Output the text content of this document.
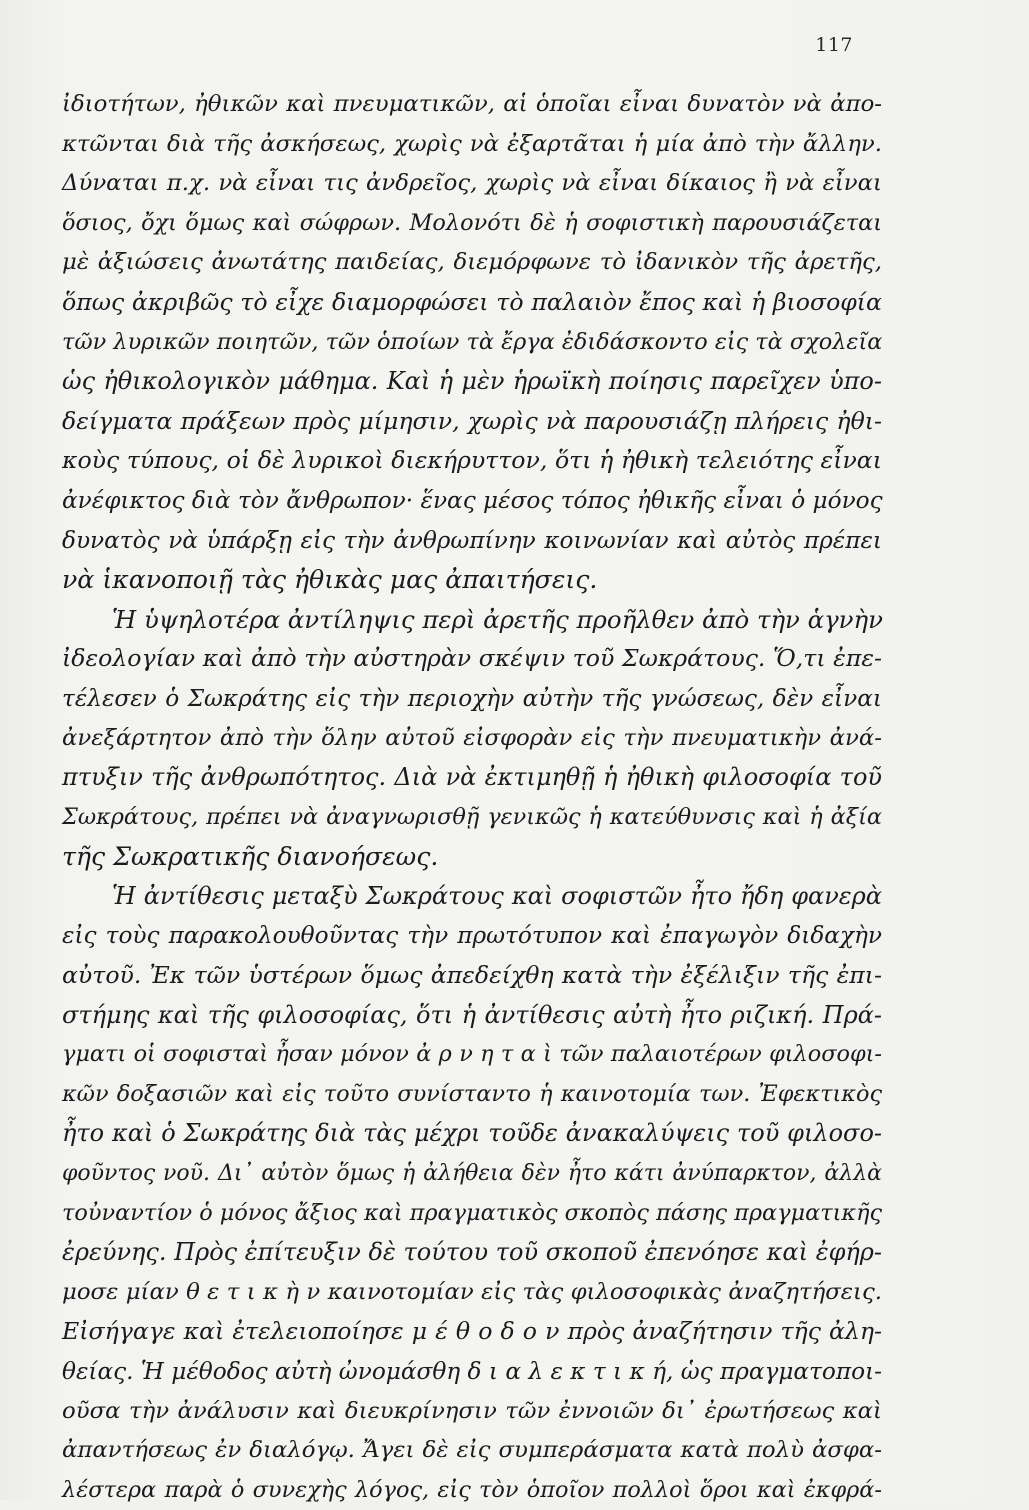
117
ἰδιοτήτων, ἠθικῶν καὶ πνευματικῶν, αἱ ὁποῖαι εἶναι δυνατὸν νὰ ἀπο-
κτῶνται διὰ τῆς ἀσκήσεως, χωρὶς νὰ ἐξαρτᾶται ἡ μία ἀπὸ τὴν ἄλλην.
Δύναται π.χ. νὰ εἶναι τις ἀνδρεῖος, χωρὶς νὰ εἶναι δίκαιος ἢ νὰ εἶναι
ὅσιος, ὄχι ὅμως καὶ σώφρων. Μολονότι δὲ ἡ σοφιστικὴ παρουσιάζεται
μὲ ἀξιώσεις ἀνωτάτης παιδείας, διεμόρφωνε τὸ ἰδανικὸν τῆς ἀρετῆς,
ὅπως ἀκριβῶς τὸ εἶχε διαμορφώσει τὸ παλαιὸν ἔπος καὶ ἡ βιοσοφία
τῶν λυρικῶν ποιητῶν, τῶν ὁποίων τὰ ἔργα ἐδιδάσκοντο εἰς τὰ σχολεῖα
ὡς ἠθικολογικὸν μάθημα. Καὶ ἡ μὲν ἡρωϊκὴ ποίησις παρεῖχεν ὑπο-
δείγματα πράξεων πρὸς μίμησιν, χωρὶς νὰ παρουσιάζῃ πλήρεις ἠθι-
κοὺς τύπους, οἱ δὲ λυρικοὶ διεκήρυττον, ὅτι ἡ ἠθικὴ τελειότης εἶναι
ἀνέφικτος διὰ τὸν ἄνθρωπον· ἕνας μέσος τόπος ἠθικῆς εἶναι ὁ μόνος
δυνατὸς νὰ ὑπάρξῃ εἰς τὴν ἀνθρωπίνην κοινωνίαν καὶ αὐτὸς πρέπει
νὰ ἱκανοποιῇ τὰς ἠθικὰς μας ἀπαιτήσεις.
Ἡ ὑψηλοτέρα ἀντίληψις περὶ ἀρετῆς προῆλθεν ἀπὸ τὴν ἁγνὴν
ἰδεολογίαν καὶ ἀπὸ τὴν αὐστηρὰν σκέψιν τοῦ Σωκράτους. Ὅ,τι ἐπε-
τέλεσεν ὁ Σωκράτης εἰς τὴν περιοχὴν αὐτὴν τῆς γνώσεως, δὲν εἶναι
ἀνεξάρτητον ἀπὸ τὴν ὅλην αὐτοῦ εἰσφορὰν εἰς τὴν πνευματικὴν ἀνά-
πτυξιν τῆς ἀνθρωπότητος. Διὰ νὰ ἐκτιμηθῇ ἡ ἠθικὴ φιλοσοφία τοῦ
Σωκράτους, πρέπει νὰ ἀναγνωρισθῇ γενικῶς ἡ κατεύθυνσις καὶ ἡ ἀξία
τῆς Σωκρατικῆς διανοήσεως.
Ἡ ἀντίθεσις μεταξὺ Σωκράτους καὶ σοφιστῶν ἦτο ἤδη φανερὰ
εἰς τοὺς παρακολουθοῦντας τὴν πρωτότυπον καὶ ἐπαγωγὸν διδαχὴν
αὐτοῦ. Ἐκ τῶν ὑστέρων ὅμως ἀπεδείχθη κατὰ τὴν ἐξέλιξιν τῆς ἐπι-
στήμης καὶ τῆς φιλοσοφίας, ὅτι ἡ ἀντίθεσις αὐτὴ ἦτο ριζική. Πρά-
γματι οἱ σοφισταὶ ἦσαν μόνον ἀ ρ ν η τ α ὶ τῶν παλαιοτέρων φιλοσοφι-
κῶν δοξασιῶν καὶ εἰς τοῦτο συνίσταντο ἡ καινοτομία των. Ἐφεκτικὸς
ἦτο καὶ ὁ Σωκράτης διὰ τὰς μέχρι τοῦδε ἀνακαλύψεις τοῦ φιλοσο-
φοῦντος νοῦ. Δι᾽ αὐτὸν ὅμως ἡ ἀλήθεια δὲν ἦτο κάτι ἀνύπαρκτον, ἀλλὰ
τοὐναντίον ὁ μόνος ἄξιος καὶ πραγματικὸς σκοπὸς πάσης πραγματικῆς
ἐρεύνης. Πρὸς ἐπίτευξιν δὲ τούτου τοῦ σκοποῦ ἐπενόησε καὶ ἐφήρ-
μοσε μίαν θ ε τ ι κ ὴ ν καινοτομίαν εἰς τὰς φιλοσοφικὰς ἀναζητήσεις.
Εἰσήγαγε καὶ ἐτελειοποίησε μ έ θ ο δ ο ν πρὸς ἀναζήτησιν τῆς ἀλη-
θείας. Ἡ μέθοδος αὐτὴ ὠνομάσθη δ ι α λ ε κ τ ι κ ή, ὡς πραγματοποι-
οῦσα τὴν ἀνάλυσιν καὶ διευκρίνησιν τῶν ἐννοιῶν δι᾽ ἐρωτήσεως καὶ
ἀπαντήσεως ἐν διαλόγῳ. Ἄγει δὲ εἰς συμπεράσματα κατὰ πολὺ ἀσφα-
λέστερα παρὰ ὁ συνεχὴς λόγος, εἰς τὸν ὁποῖον πολλοὶ ὅροι καὶ ἐκφρά-
